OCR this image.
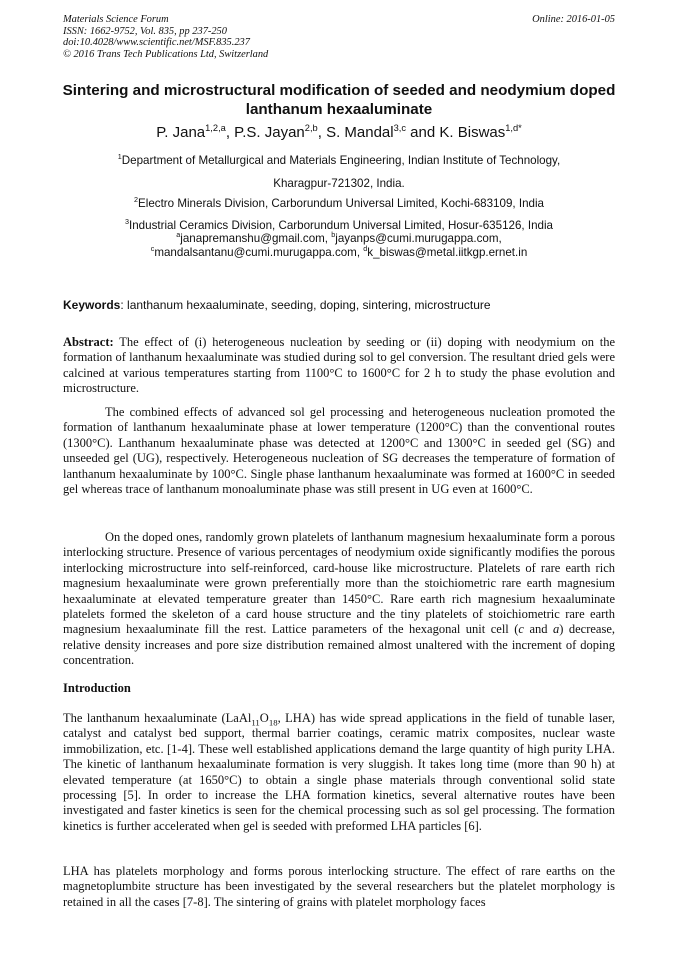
Materials Science Forum
ISSN: 1662-9752, Vol. 835, pp 237-250
doi:10.4028/www.scientific.net/MSF.835.237
© 2016 Trans Tech Publications Ltd, Switzerland
Online: 2016-01-05
Sintering and microstructural modification of seeded and neodymium doped lanthanum hexaaluminate
P. Jana$^{1,2,a}$, P.S. Jayan$^{2,b}$, S. Mandal$^{3,c}$ and K. Biswas$^{1,d*}$
$^1$Department of Metallurgical and Materials Engineering, Indian Institute of Technology,
Kharagpur-721302, India.
$^2$Electro Minerals Division, Carborundum Universal Limited, Kochi-683109, India
$^3$Industrial Ceramics Division, Carborundum Universal Limited, Hosur-635126, India
$^a$janapremanshu@gmail.com, $^b$jayanps@cumi.murugappa.com,
$^c$mandalsantanu@cumi.murugappa.com, $^d$k_biswas@metal.iitkgp.ernet.in
Keywords: lanthanum hexaaluminate, seeding, doping, sintering, microstructure

Abstract: The effect of (i) heterogeneous nucleation by seeding or (ii) doping with neodymium on the formation of lanthanum hexaaluminate was studied during sol to gel conversion. The resultant dried gels were calcined at various temperatures starting from 1100°C to 1600°C for 2 h to study the phase evolution and microstructure.

The combined effects of advanced sol gel processing and heterogeneous nucleation promoted the formation of lanthanum hexaaluminate phase at lower temperature (1200°C) than the conventional routes (1300°C). Lanthanum hexaaluminate phase was detected at 1200°C and 1300°C in seeded gel (SG) and unseeded gel (UG), respectively. Heterogeneous nucleation of SG decreases the temperature of formation of lanthanum hexaaluminate by 100°C. Single phase lanthanum hexaaluminate was formed at 1600°C in seeded gel whereas trace of lanthanum monoaluminate phase was still present in UG even at 1600°C.

On the doped ones, randomly grown platelets of lanthanum magnesium hexaaluminate form a porous interlocking structure. Presence of various percentages of neodymium oxide significantly modifies the porous interlocking microstructure into self-reinforced, card-house like microstructure. Platelets of rare earth rich magnesium hexaaluminate were grown preferentially more than the stoichiometric rare earth magnesium hexaaluminate at elevated temperature greater than 1450°C. Rare earth rich magnesium hexaaluminate platelets formed the skeleton of a card house structure and the tiny platelets of stoichiometric rare earth magnesium hexaaluminate fill the rest. Lattice parameters of the hexagonal unit cell (c and a) decrease, relative density increases and pore size distribution remained almost unaltered with the increment of doping concentration.

Introduction

The lanthanum hexaaluminate ($LaAl_{11}O_{18}$, LHA) has wide spread applications in the field of tunable laser, catalyst and catalyst bed support, thermal barrier coatings, ceramic matrix composites, nuclear waste immobilization, etc. [1-4]. These well established applications demand the large quantity of high purity LHA. The kinetic of lanthanum hexaaluminate formation is very sluggish. It takes long time (more than 90 h) at elevated temperature (at 1650°C) to obtain a single phase materials through conventional solid state processing [5]. In order to increase the LHA formation kinetics, several alternative routes have been investigated and faster kinetics is seen for the chemical processing such as sol gel processing. The formation kinetics is further accelerated when gel is seeded with preformed LHA particles [6].

LHA has platelets morphology and forms porous interlocking structure. The effect of rare earths on the magnetoplumbite structure has been investigated by the several researchers but the platelet morphology is retained in all the cases [7-8]. The sintering of grains with platelet morphology faces
